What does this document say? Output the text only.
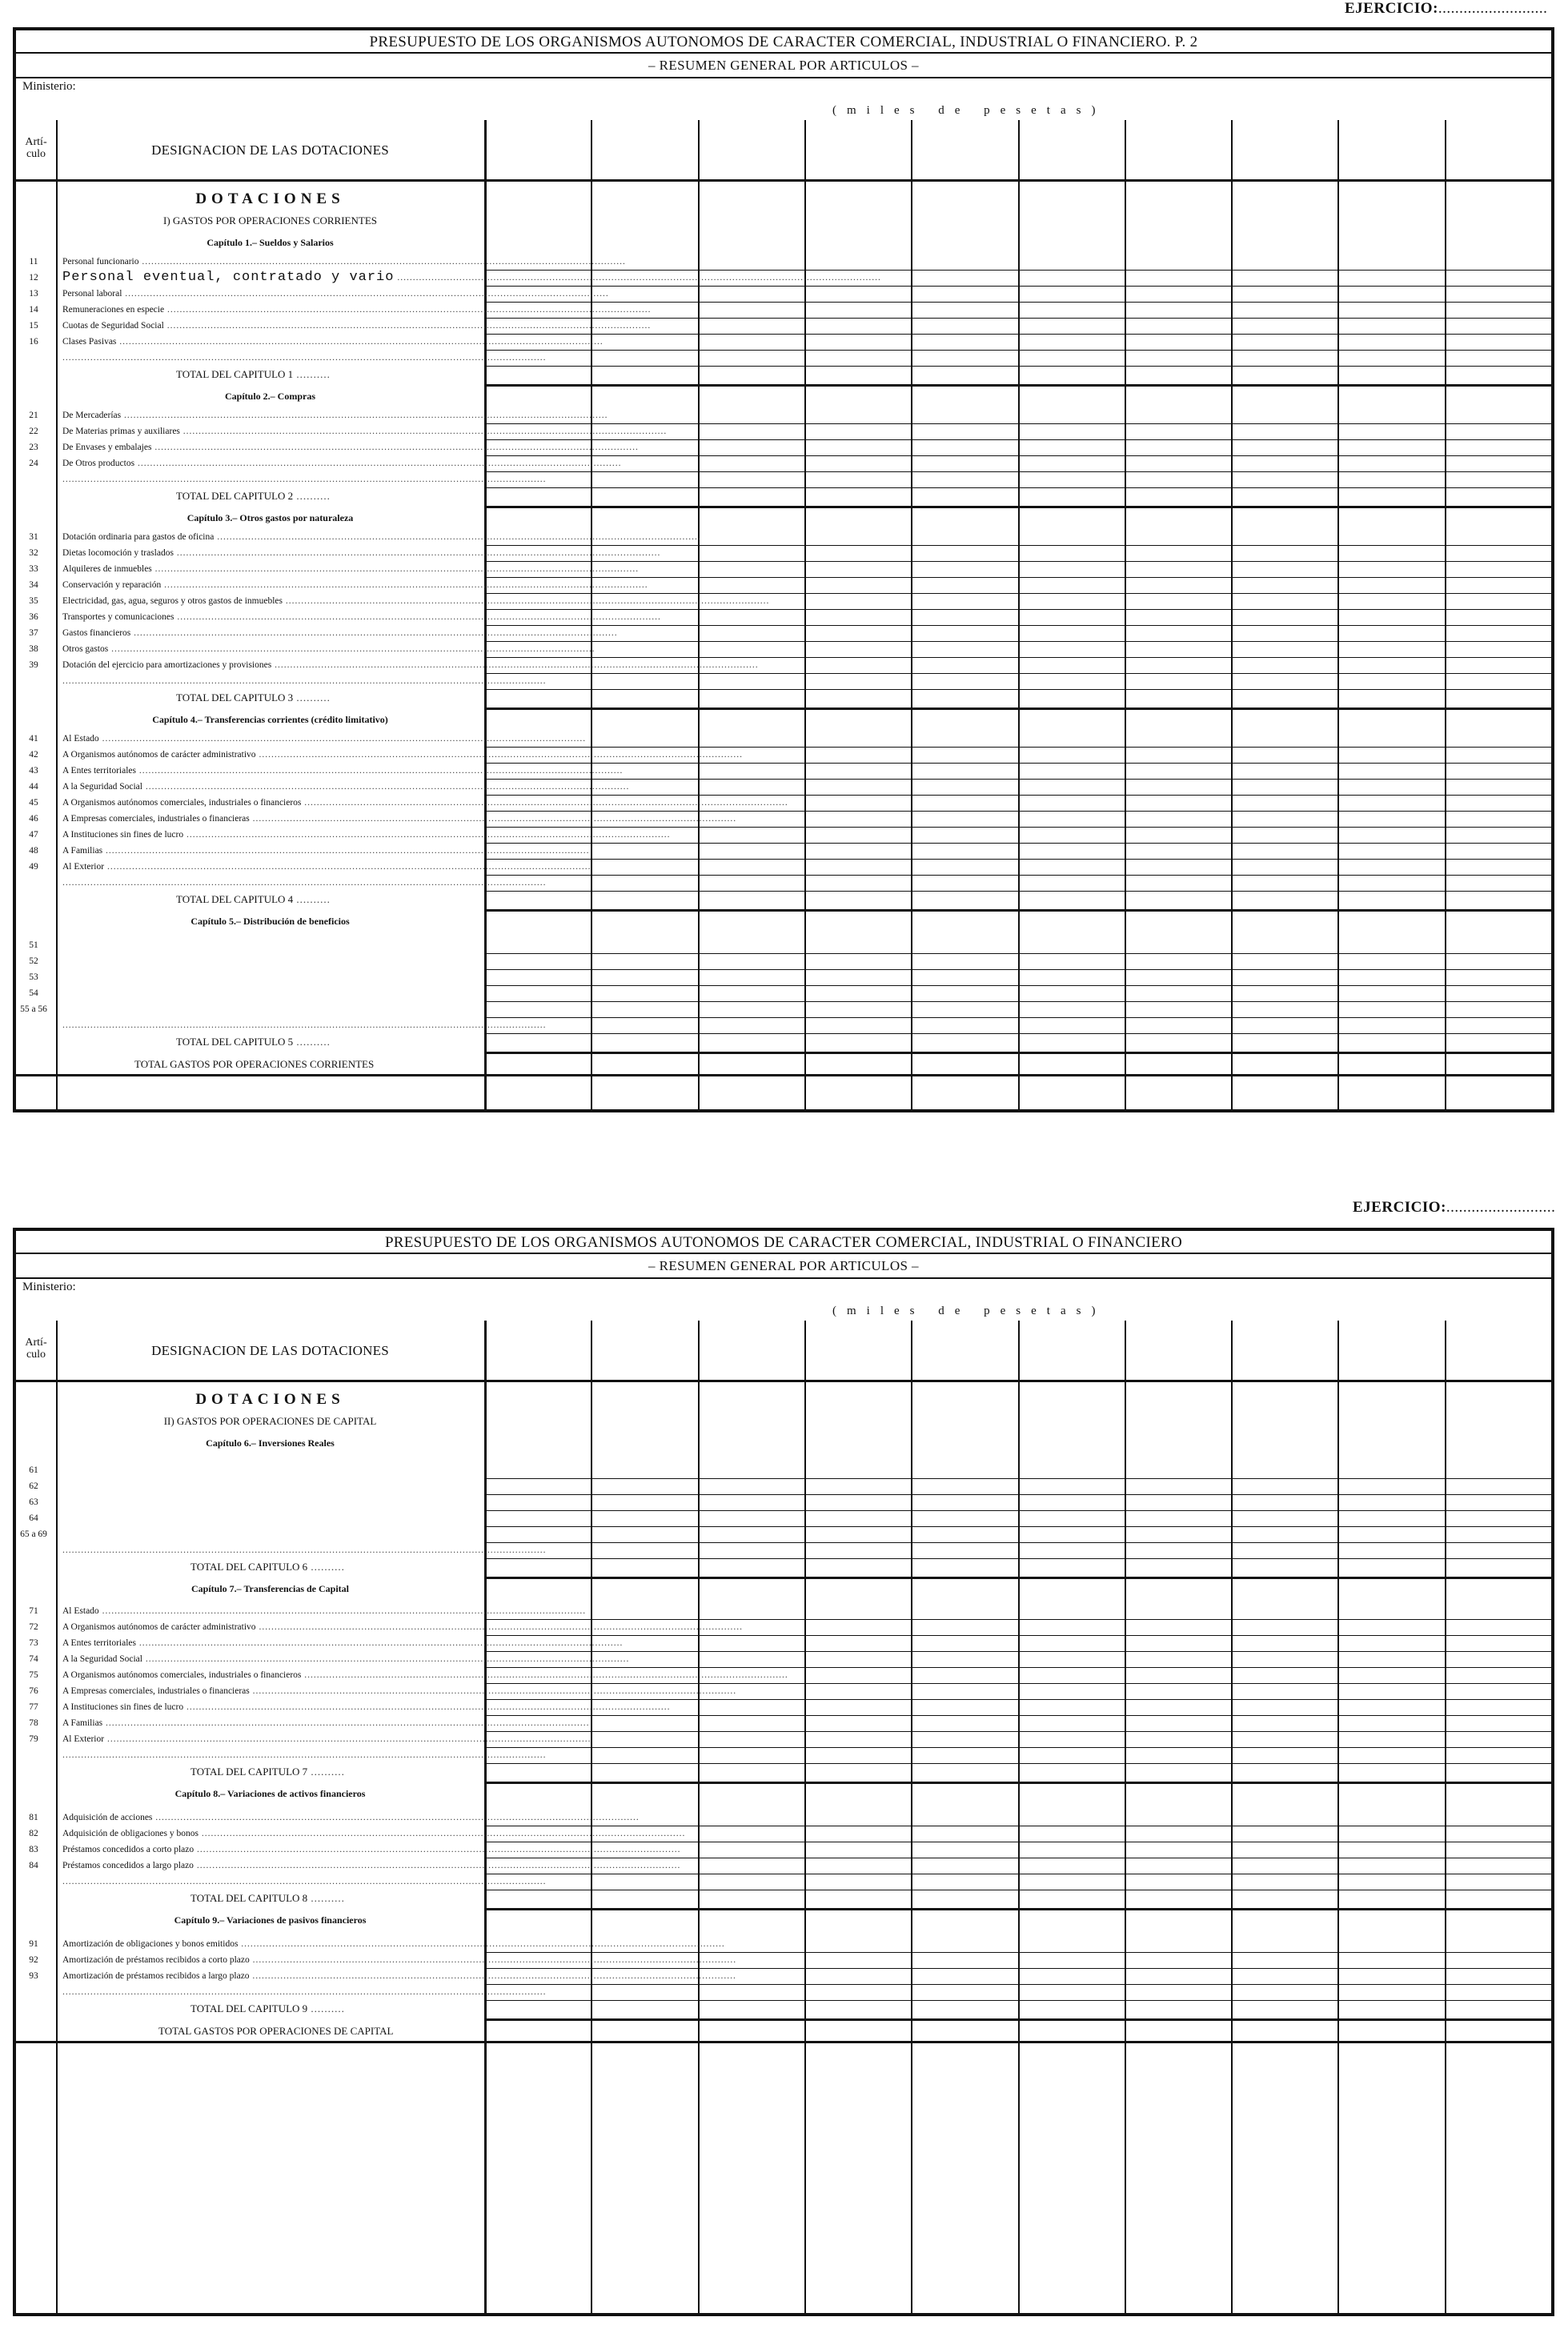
EJERCICIO:..........................
PRESUPUESTO DE LOS ORGANISMOS AUTONOMOS DE CARACTER COMERCIAL, INDUSTRIAL O FINANCIERO. P. 2
– RESUMEN GENERAL POR ARTICULOS –
Ministerio:
(miles de pesetas)
Artí-culo	DESIGNACION DE LAS DOTACIONES
DOTACIONES
I) GASTOS POR OPERACIONES CORRIENTES
Capítulo 1.– Sueldos y Salarios
11	Personal funcionario ............................................................................................................................................................
12	Personal eventual, contratado y vario ............................................................................................................................................................
13	Personal laboral ............................................................................................................................................................
14	Remuneraciones en especie ............................................................................................................................................................
15	Cuotas de Seguridad Social ............................................................................................................................................................
16	Clases Pasivas ............................................................................................................................................................
............................................................................................................................................................
TOTAL DEL CAPITULO 1 ..........
Capítulo 2.– Compras
21	De Mercaderías ............................................................................................................................................................
22	De Materias primas y auxiliares ............................................................................................................................................................
23	De Envases y embalajes ............................................................................................................................................................
24	De Otros productos ............................................................................................................................................................
............................................................................................................................................................
TOTAL DEL CAPITULO 2 ..........
Capítulo 3.– Otros gastos por naturaleza
31	Dotación ordinaria para gastos de oficina ............................................................................................................................................................
32	Dietas locomoción y traslados ............................................................................................................................................................
33	Alquileres de inmuebles ............................................................................................................................................................
34	Conservación y reparación ............................................................................................................................................................
35	Electricidad, gas, agua, seguros y otros gastos de inmuebles ............................................................................................................................................................
36	Transportes y comunicaciones ............................................................................................................................................................
37	Gastos financieros ............................................................................................................................................................
38	Otros gastos ............................................................................................................................................................
39	Dotación del ejercicio para amortizaciones y provisiones ............................................................................................................................................................
............................................................................................................................................................
TOTAL DEL CAPITULO 3 ..........
Capítulo 4.– Transferencias corrientes (crédito limitativo)
41	Al Estado ............................................................................................................................................................
42	A Organismos autónomos de carácter administrativo ............................................................................................................................................................
43	A Entes territoriales ............................................................................................................................................................
44	A la Seguridad Social ............................................................................................................................................................
45	A Organismos autónomos comerciales, industriales o financieros ............................................................................................................................................................
46	A Empresas comerciales, industriales o financieras ............................................................................................................................................................
47	A Instituciones sin fines de lucro ............................................................................................................................................................
48	A Familias ............................................................................................................................................................
49	Al Exterior ............................................................................................................................................................
............................................................................................................................................................
TOTAL DEL CAPITULO 4 ..........
Capítulo 5.– Distribución de beneficios
51
52
53
54
55 a 56
............................................................................................................................................................
TOTAL DEL CAPITULO 5 ..........
TOTAL GASTOS POR OPERACIONES CORRIENTES
EJERCICIO:..........................
PRESUPUESTO DE LOS ORGANISMOS AUTONOMOS DE CARACTER COMERCIAL, INDUSTRIAL O FINANCIERO
– RESUMEN GENERAL POR ARTICULOS –
Ministerio:
(miles de pesetas)
Artí-culo	DESIGNACION DE LAS DOTACIONES
DOTACIONES
II) GASTOS POR OPERACIONES DE CAPITAL
Capítulo 6.– Inversiones Reales
61
62
63
64
65 a 69
............................................................................................................................................................
TOTAL DEL CAPITULO 6 ..........
Capítulo 7.– Transferencias de Capital
71	Al Estado ............................................................................................................................................................
72	A Organismos autónomos de carácter administrativo ............................................................................................................................................................
73	A Entes territoriales ............................................................................................................................................................
74	A la Seguridad Social ............................................................................................................................................................
75	A Organismos autónomos comerciales, industriales o financieros ............................................................................................................................................................
76	A Empresas comerciales, industriales o financieras ............................................................................................................................................................
77	A Instituciones sin fines de lucro ............................................................................................................................................................
78	A Familias ............................................................................................................................................................
79	Al Exterior ............................................................................................................................................................
............................................................................................................................................................
TOTAL DEL CAPITULO 7 ..........
Capítulo 8.– Variaciones de activos financieros
81	Adquisición de acciones ............................................................................................................................................................
82	Adquisición de obligaciones y bonos ............................................................................................................................................................
83	Préstamos concedidos a corto plazo ............................................................................................................................................................
84	Préstamos concedidos a largo plazo ............................................................................................................................................................
............................................................................................................................................................
TOTAL DEL CAPITULO 8 ..........
Capítulo 9.– Variaciones de pasivos financieros
91	Amortización de obligaciones y bonos emitidos ............................................................................................................................................................
92	Amortización de préstamos recibidos a corto plazo ............................................................................................................................................................
93	Amortización de préstamos recibidos a largo plazo ............................................................................................................................................................
............................................................................................................................................................
TOTAL DEL CAPITULO 9 ..........
TOTAL GASTOS POR OPERACIONES DE CAPITAL
